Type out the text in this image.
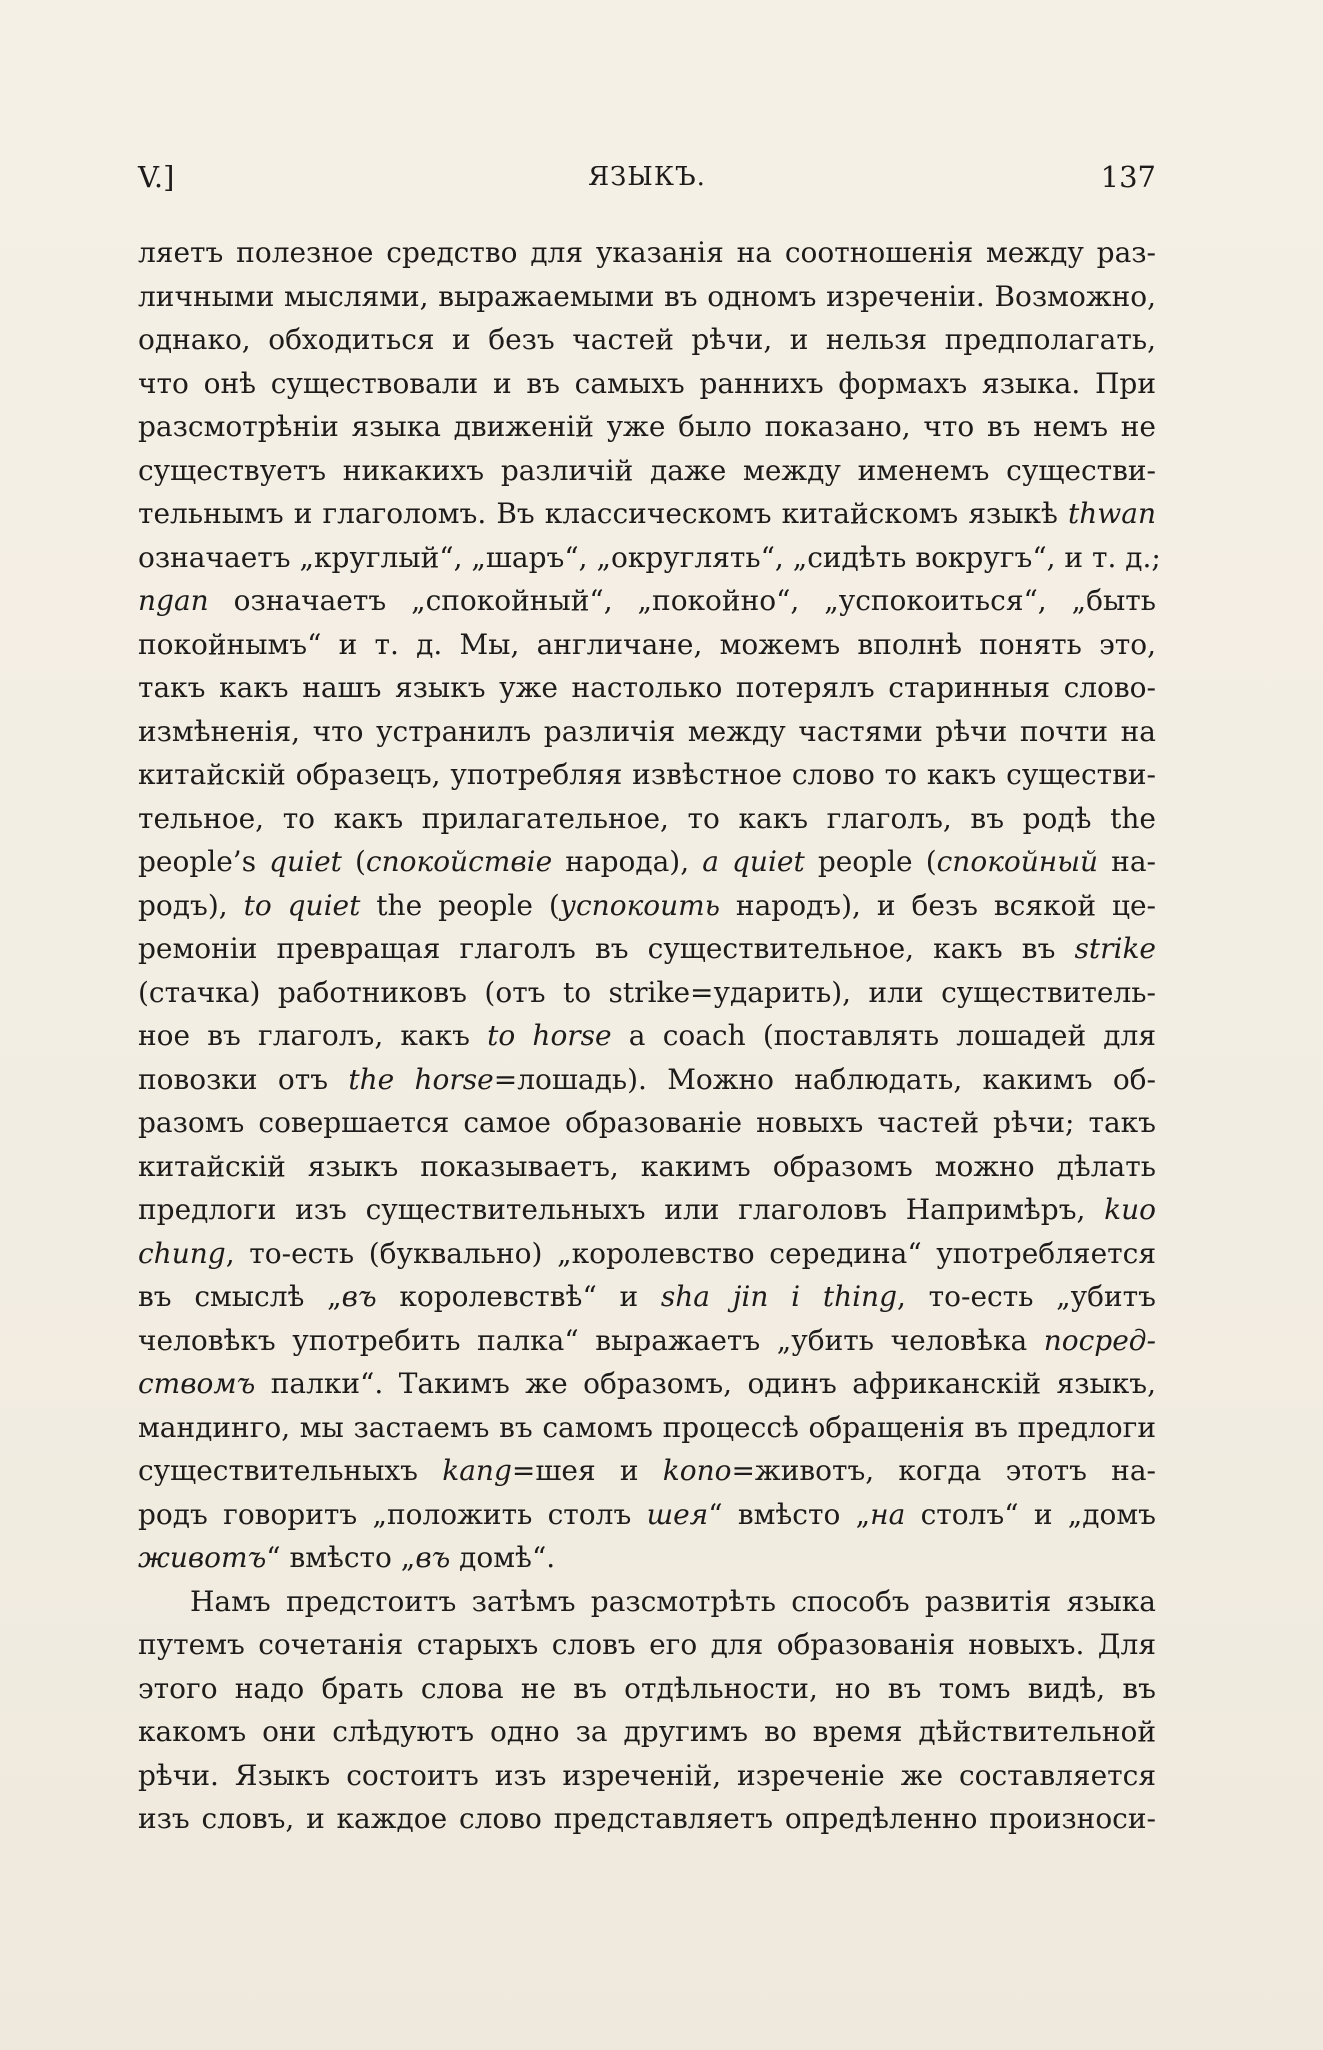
V.]	ЯЗЫКЪ.	137
ляетъ полезное средство для указанія на соотношенія между раз-
личными мыслями, выражаемыми въ одномъ изреченіи. Возможно,
однако, обходиться и безъ частей рѣчи, и нельзя предполагать,
что онѣ существовали и въ самыхъ раннихъ формахъ языка. При
разсмотрѣніи языка движеній уже было показано, что въ немъ не
существуетъ никакихъ различій даже между именемъ существи-
тельнымъ и глаголомъ. Въ классическомъ китайскомъ языкѣ thwan
означаетъ „круглый“, „шаръ“, „округлять“, „сидѣть вокругъ“, и т. д.;
ngan означаетъ „спокойный“, „покойно“, „успокоиться“, „быть
покойнымъ“ и т. д. Мы, англичане, можемъ вполнѣ понять это,
такъ какъ нашъ языкъ уже настолько потерялъ старинныя слово-
измѣненія, что устранилъ различія между частями рѣчи почти на
китайскій образецъ, употребляя извѣстное слово то какъ существи-
тельное, то какъ прилагательное, то какъ глаголъ, въ родѣ the
people’s quiet (спокойствіе народа), a quiet people (спокойный на-
родъ), to quiet the people (успокоить народъ), и безъ всякой це-
ремоніи превращая глаголъ въ существительное, какъ въ strike
(стачка) работниковъ (отъ to strike=ударить), или существитель-
ное въ глаголъ, какъ to horse a coach (поставлять лошадей для
повозки отъ the horse=лошадь). Можно наблюдать, какимъ об-
разомъ совершается самое образованіе новыхъ частей рѣчи; такъ
китайскій языкъ показываетъ, какимъ образомъ можно дѣлать
предлоги изъ существительныхъ или глаголовъ Напримѣръ, kuo
chung, то-есть (буквально) „королевство середина“ употребляется
въ смыслѣ „въ королевствѣ“ и sha jin i thing, то-есть „убитъ
человѣкъ употребить палка“ выражаетъ „убить человѣка посред-
ствомъ палки“. Такимъ же образомъ, одинъ африканскій языкъ,
мандинго, мы застаемъ въ самомъ процессѣ обращенія въ предлоги
существительныхъ kang=шея и kono=животъ, когда этотъ на-
родъ говоритъ „положить столъ шея“ вмѣсто „на столъ“ и „домъ
животъ“ вмѣсто „въ домѣ“.
Намъ предстоитъ затѣмъ разсмотрѣть способъ развитія языка
путемъ сочетанія старыхъ словъ его для образованія новыхъ. Для
этого надо брать слова не въ отдѣльности, но въ томъ видѣ, въ
какомъ они слѣдуютъ одно за другимъ во время дѣйствительной
рѣчи. Языкъ состоитъ изъ изреченій, изреченіе же составляется
изъ словъ, и каждое слово представляетъ опредѣленно произноси-
